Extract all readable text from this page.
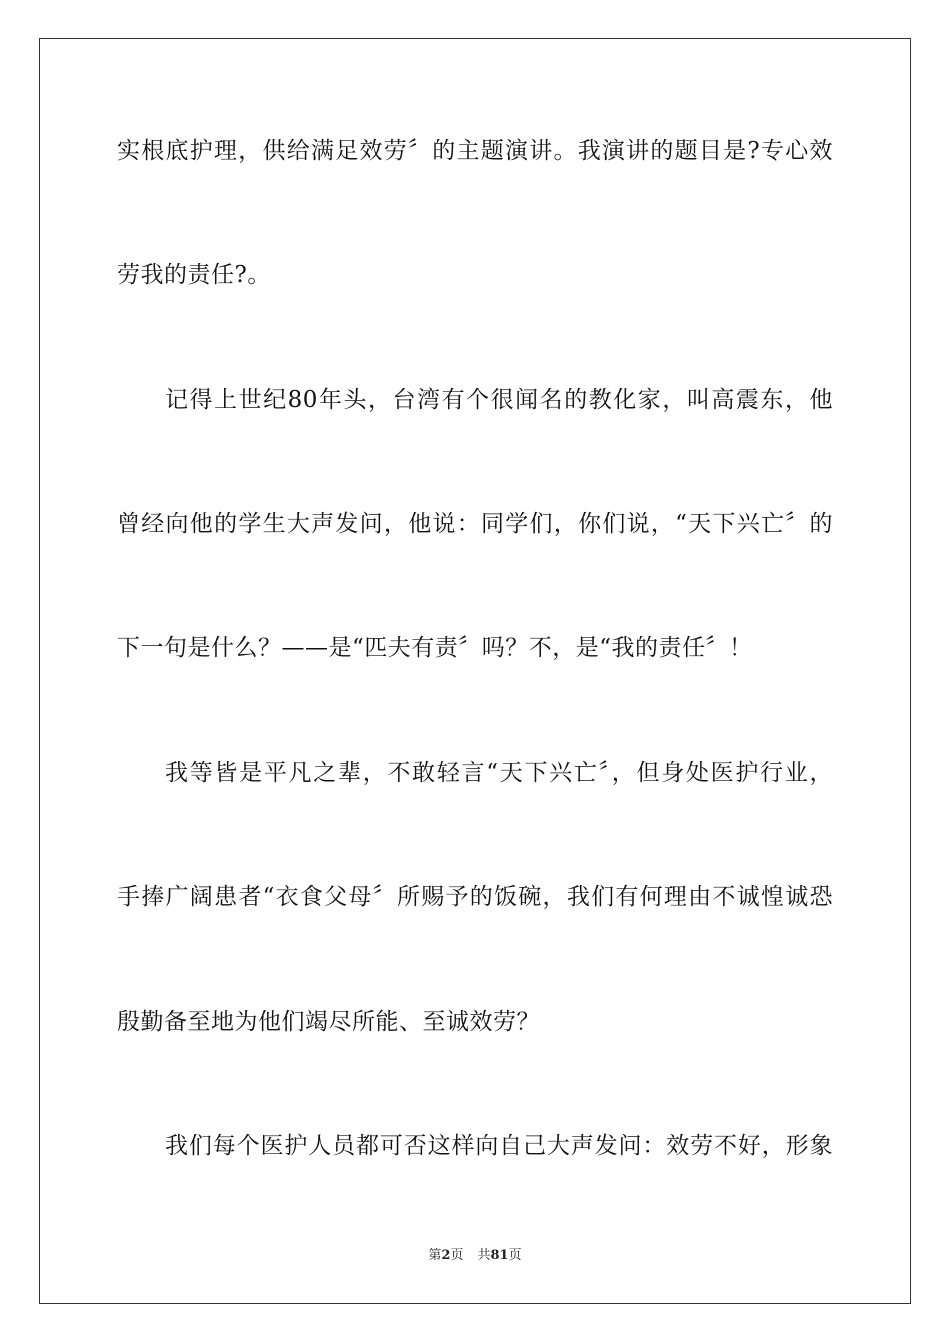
实根底护理，供给满足效劳〞的主题演讲。我演讲的题目是?专心效
劳我的责任?。
记得上世纪80年头，台湾有个很闻名的教化家，叫高震东，他
曾经向他的学生大声发问，他说：同学们，你们说，“天下兴亡〞的
下一句是什么？——是“匹夫有责〞吗？不，是“我的责任〞！
我等皆是平凡之辈，不敢轻言“天下兴亡〞，但身处医护行业，
手捧广阔患者“衣食父母〞所赐予的饭碗，我们有何理由不诚惶诚恐
殷勤备至地为他们竭尽所能、至诚效劳？
我们每个医护人员都可否这样向自己大声发问：效劳不好，形象
第2页 共81页
